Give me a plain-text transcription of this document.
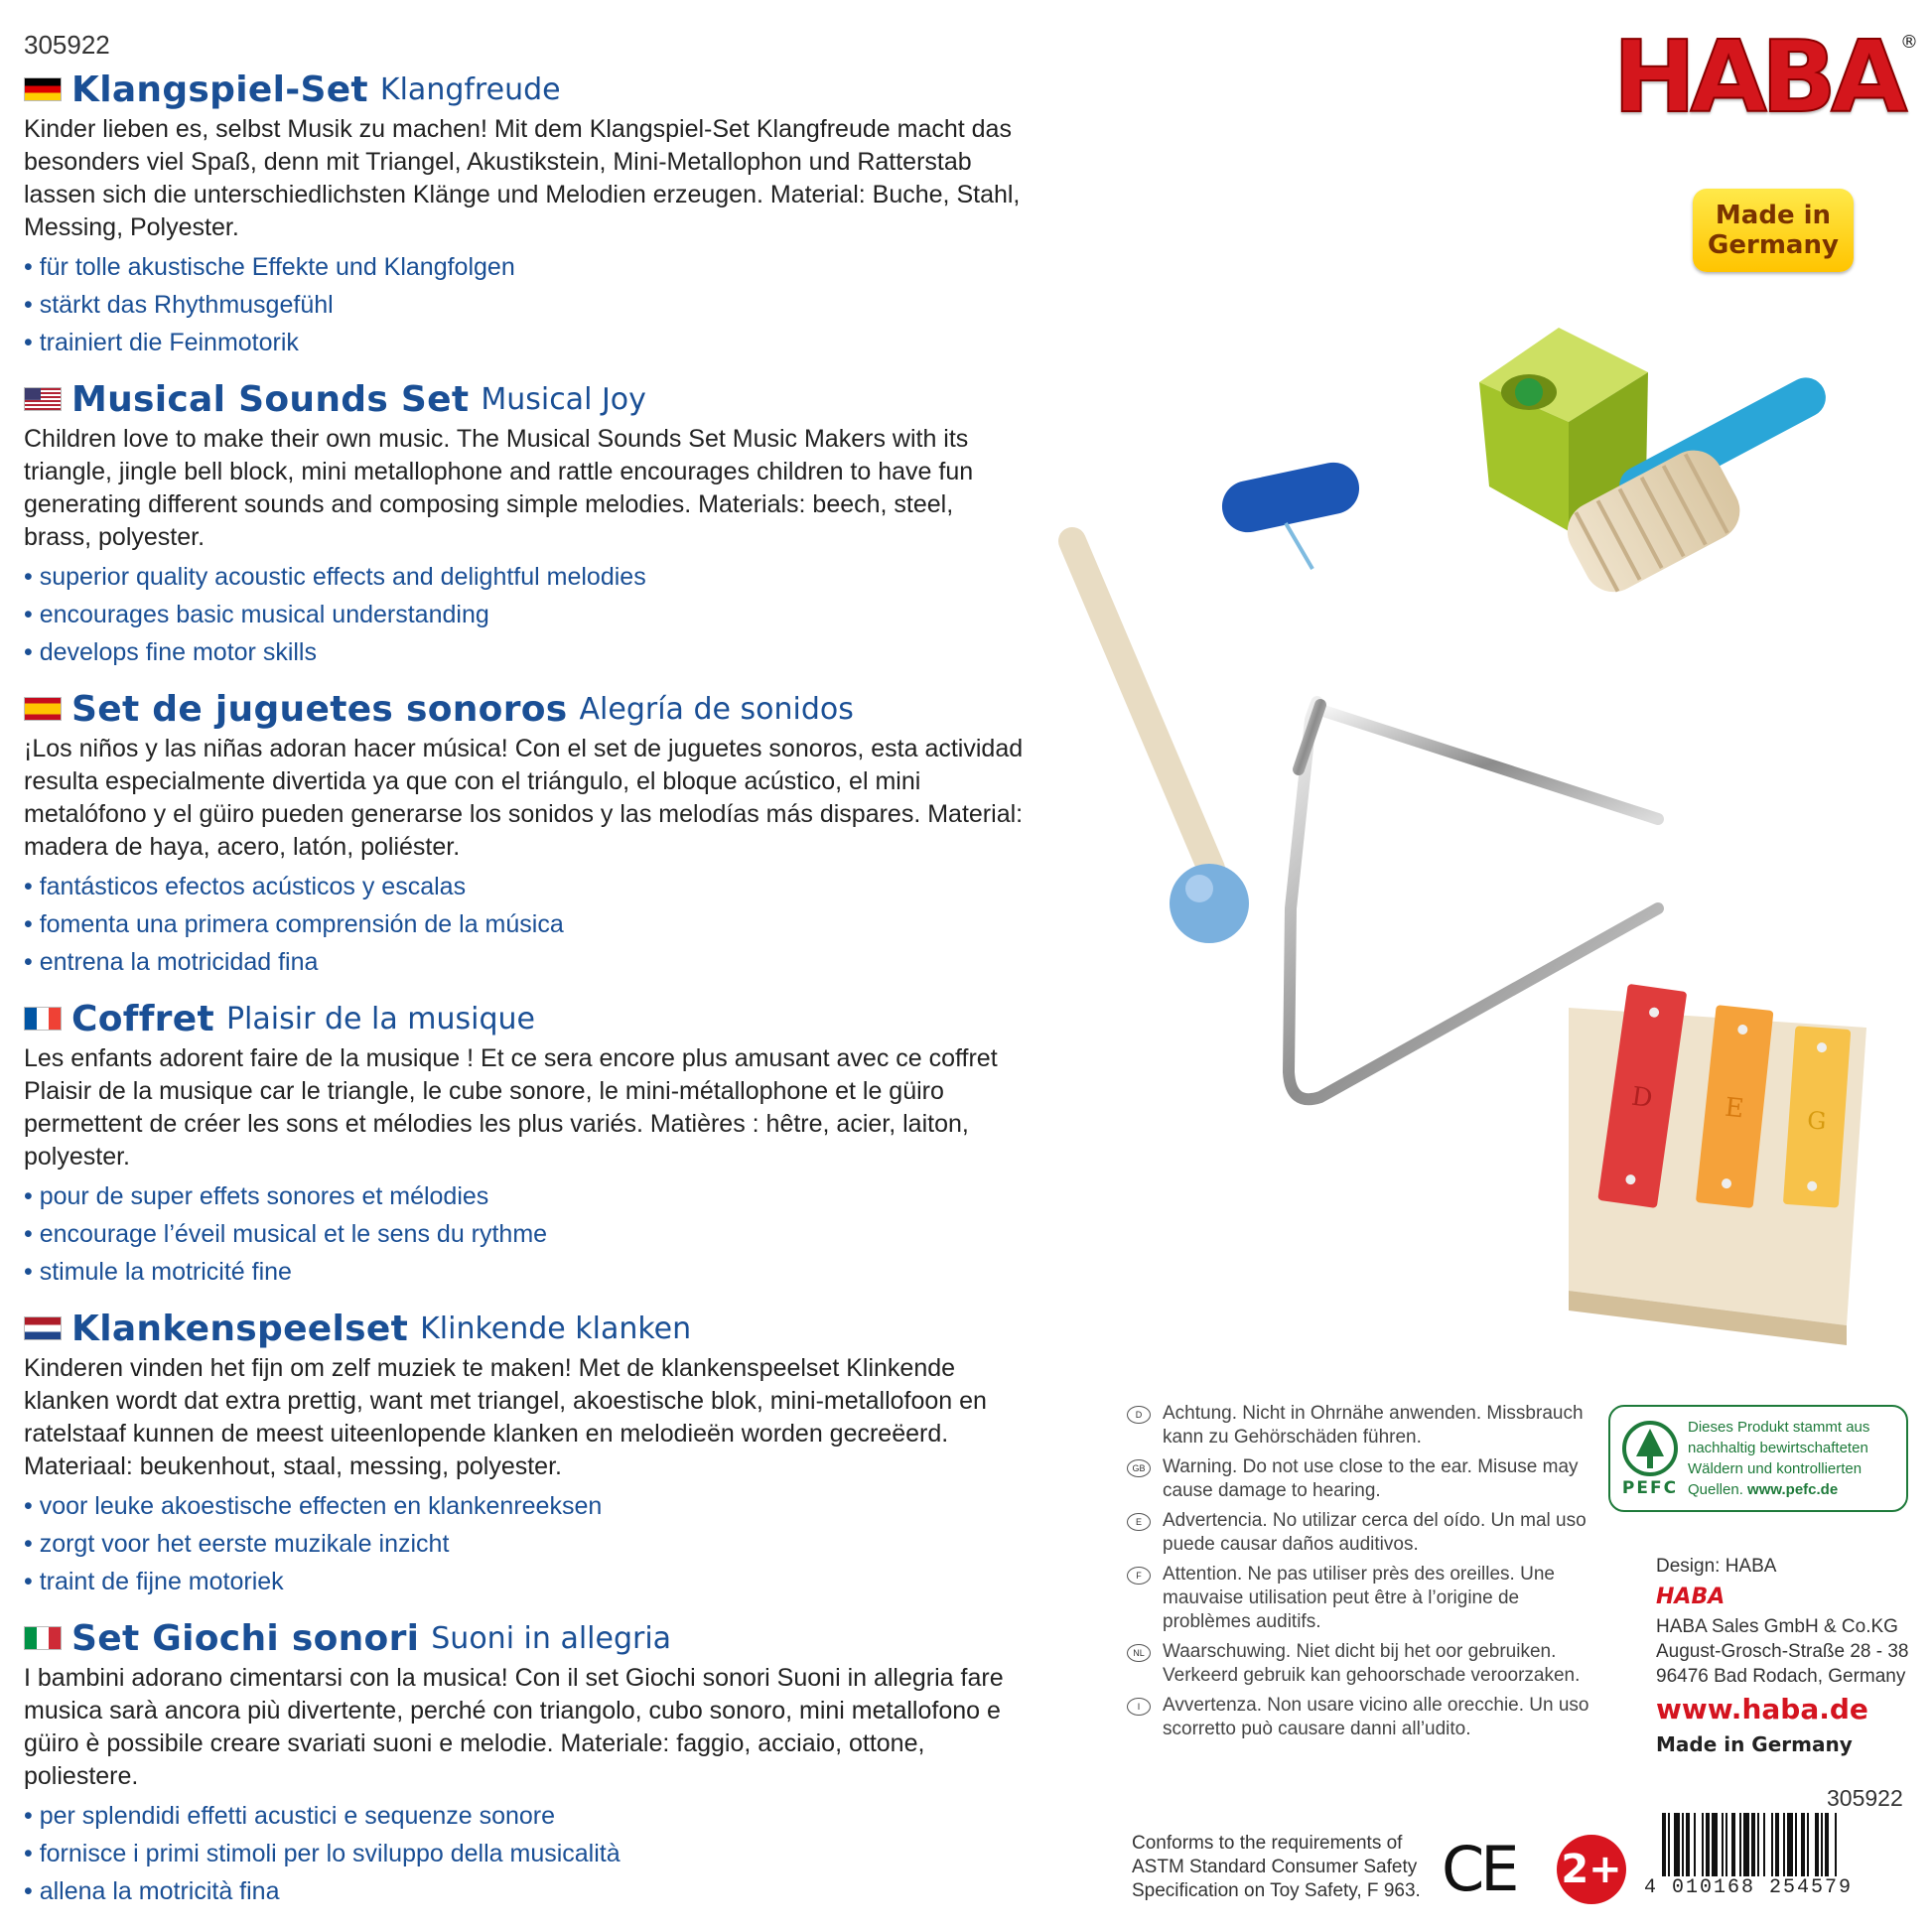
305922
Klangspiel-Set Klangfreude
Kinder lieben es, selbst Musik zu machen! Mit dem Klangspiel-Set Klangfreude macht das besonders viel Spaß, denn mit Triangel, Akustikstein, Mini-Metallophon und Ratterstab lassen sich die unterschiedlichsten Klänge und Melodien erzeugen. Material: Buche, Stahl, Messing, Polyester.
• für tolle akustische Effekte und Klangfolgen
• stärkt das Rhythmusgefühl
• trainiert die Feinmotorik
Musical Sounds Set Musical Joy
Children love to make their own music. The Musical Sounds Set Music Makers with its triangle, jingle bell block, mini metallophone and rattle encourages children to have fun generating different sounds and composing simple melodies. Materials: beech, steel, brass, polyester.
• superior quality acoustic effects and delightful melodies
• encourages basic musical understanding
• develops fine motor skills
Set de juguetes sonoros Alegría de sonidos
¡Los niños y las niñas adoran hacer música! Con el set de juguetes sonoros, esta actividad resulta especialmente divertida ya que con el triángulo, el bloque acústico, el mini metalófono y el güiro pueden generarse los sonidos y las melodías más dispares. Material: madera de haya, acero, latón, poliéster.
• fantásticos efectos acústicos y escalas
• fomenta una primera comprensión de la música
• entrena la motricidad fina
Coffret Plaisir de la musique
Les enfants adorent faire de la musique ! Et ce sera encore plus amusant avec ce coffret Plaisir de la musique car le triangle, le cube sonore, le mini-métallophone et le güiro permettent de créer les sons et mélodies les plus variés. Matières : hêtre, acier, laiton, polyester.
• pour de super effets sonores et mélodies
• encourage l’éveil musical et le sens du rythme
• stimule la motricité fine
Klankenspeelset Klinkende klanken
Kinderen vinden het fijn om zelf muziek te maken! Met de klankenspeelset Klinkende klanken wordt dat extra prettig, want met triangel, akoestische blok, mini-metallofoon en ratelstaaf kunnen de meest uiteenlopende klanken en melodieën worden gecreëerd. Materiaal: beukenhout, staal, messing, polyester.
• voor leuke akoestische effecten en klankenreeksen
• zorgt voor het eerste muzikale inzicht
• traint de fijne motoriek
Set Giochi sonori Suoni in allegria
I bambini adorano cimentarsi con la musica! Con il set Giochi sonori Suoni in allegria fare musica sarà ancora più divertente, perché con triangolo, cubo sonoro, mini metallofono e güiro è possibile creare svariati suoni e melodie. Materiale: faggio, acciaio, ottone, poliestere.
• per splendidi effetti acustici e sequenze sonore
• fornisce i primi stimoli per lo sviluppo della musicalità
• allena la motricità fina
HABA
®
Made in
Germany
D	E	G
D	Achtung. Nicht in Ohrnähe anwenden. Missbrauch kann zu Gehörschäden führen.

GB Warning. Do not use close to the ear. Misuse may cause damage to hearing.

E	Advertencia. No utilizar cerca del oído. Un mal uso puede causar daños auditivos.

F	Attention. Ne pas utiliser près des oreilles. Une mauvaise utilisation peut être à l’origine de problèmes auditifs.

NL Waarschuwing. Niet dicht bij het oor gebruiken. Verkeerd gebruik kan gehoorschade veroorzaken.

I	Avvertenza. Non usare vicino alle orecchie. Un uso scorretto può causare danni all’udito.

PEFC
Dieses Produkt stammt aus nachhaltig bewirtschafteten Wäldern und kontrollierten Quellen. www.pefc.de
Design: HABA
HABA
HABA Sales GmbH & Co.KG
August-Grosch-Straße 28 - 38
96476 Bad Rodach, Germany
www.haba.de
Made in Germany
305922
4 010168 254579
Conforms to the requirements of ASTM Standard Consumer Safety Specification on Toy Safety, F 963. CE 2+
